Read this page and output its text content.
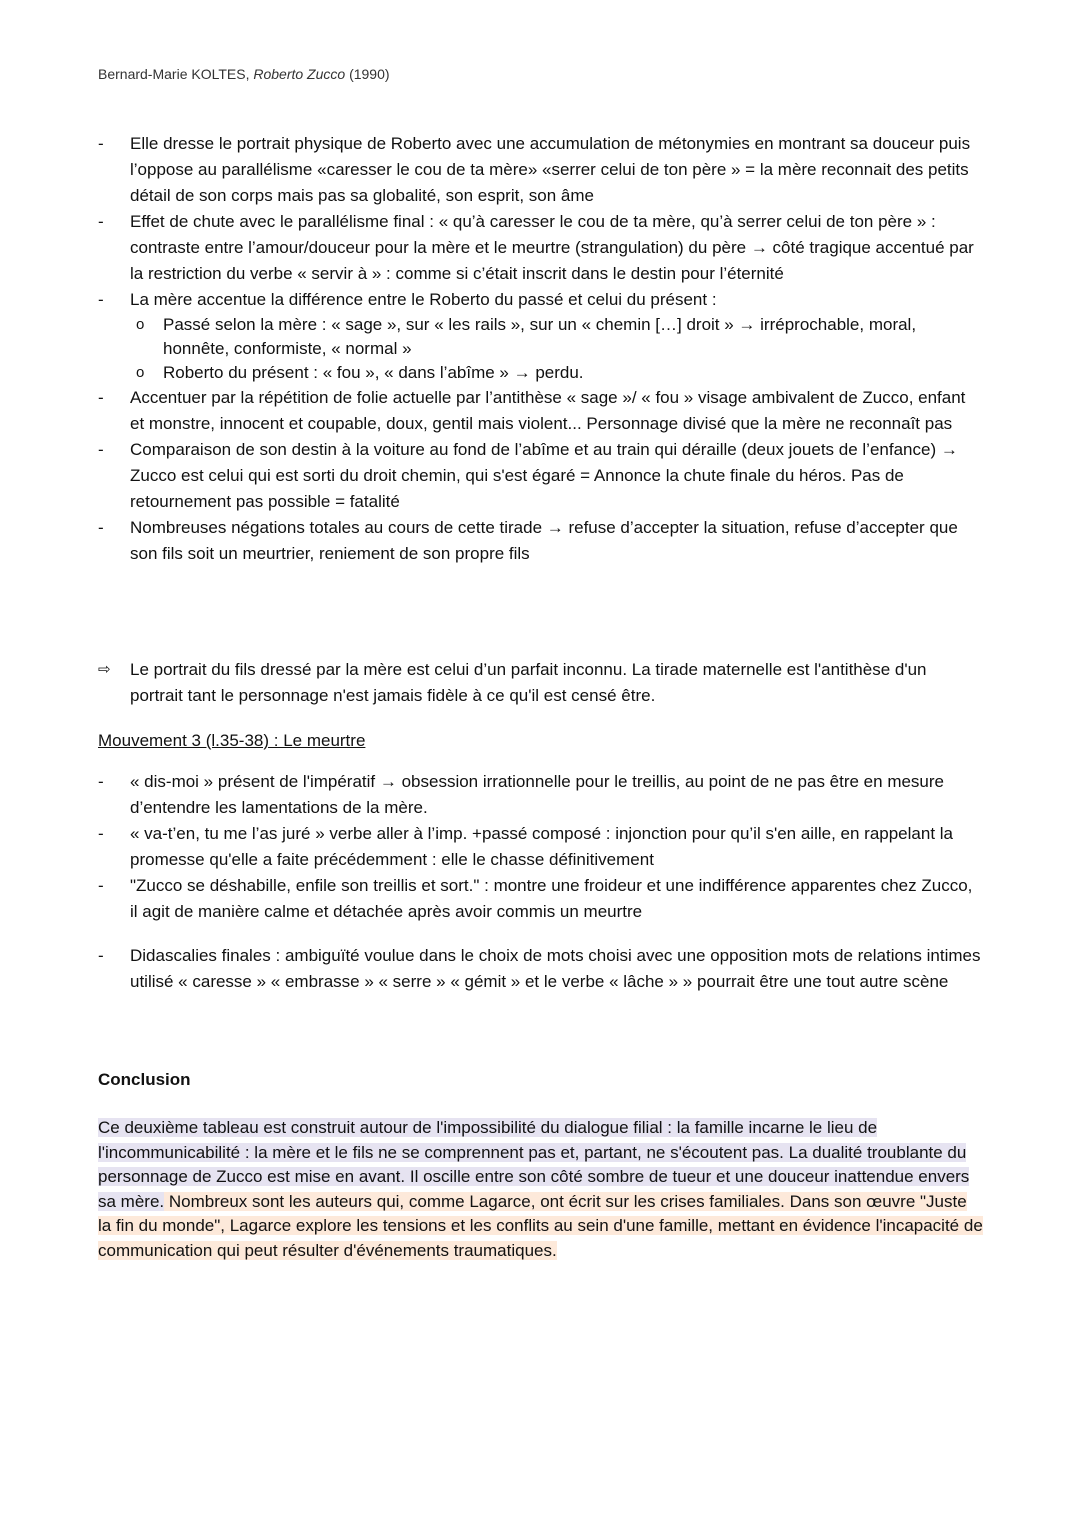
Bernard-Marie KOLTES, Roberto Zucco (1990)
- Elle dresse le portrait physique de Roberto avec une accumulation de métonymies en montrant sa douceur puis l’oppose au parallélisme «caresser le cou de ta mère» «serrer celui de ton père » = la mère reconnait des petits détail de son corps mais pas sa globalité, son esprit, son âme
- Effet de chute avec le parallélisme final : « qu’à caresser le cou de ta mère, qu’à serrer celui de ton père » : contraste entre l’amour/douceur pour la mère et le meurtre (strangulation) du père → côté tragique accentué par la restriction du verbe « servir à » : comme si c’était inscrit dans le destin pour l’éternité
- La mère accentue la différence entre le Roberto du passé et celui du présent :
o Passé selon la mère : « sage », sur « les rails », sur un « chemin […] droit » → irréprochable, moral, honnête, conformiste, « normal »
o Roberto du présent : « fou », « dans l’abîme » → perdu.
- Accentuer par la répétition de folie actuelle par l’antithèse « sage »/ « fou » visage ambivalent de Zucco, enfant et monstre, innocent et coupable, doux, gentil mais violent... Personnage divisé que la mère ne reconnaît pas
- Comparaison de son destin à la voiture au fond de l’abîme et au train qui déraille (deux jouets de l’enfance) → Zucco est celui qui est sorti du droit chemin, qui s'est égaré = Annonce la chute finale du héros. Pas de retournement pas possible = fatalité
- Nombreuses négations totales au cours de cette tirade → refuse d’accepter la situation, refuse d’accepter que son fils soit un meurtrier, reniement de son propre fils
⇨ Le portrait du fils dressé par la mère est celui d’un parfait inconnu. La tirade maternelle est l'antithèse d'un portrait tant le personnage n'est jamais fidèle à ce qu'il est censé être.
Mouvement 3 (l.35-38) : Le meurtre
- « dis-moi » présent de l'impératif → obsession irrationnelle pour le treillis, au point de ne pas être en mesure d’entendre les lamentations de la mère.
- « va-t’en, tu me l’as juré » verbe aller à l’imp. +passé composé : injonction pour qu’il s'en aille, en rappelant la promesse qu'elle a faite précédemment : elle le chasse définitivement
- "Zucco se déshabille, enfile son treillis et sort." : montre une froideur et une indifférence apparentes chez Zucco, il agit de manière calme et détachée après avoir commis un meurtre
- Didascalies finales : ambiguïté voulue dans le choix de mots choisi avec une opposition mots de relations intimes utilisé « caresse » « embrasse » « serre » « gémit » et le verbe « lâche » » pourrait être une tout autre scène
Conclusion
Ce deuxième tableau est construit autour de l'impossibilité du dialogue filial : la famille incarne le lieu de l'incommunicabilité : la mère et le fils ne se comprennent pas et, partant, ne s'écoutent pas. La dualité troublante du personnage de Zucco est mise en avant. Il oscille entre son côté sombre de tueur et une douceur inattendue envers sa mère. Nombreux sont les auteurs qui, comme Lagarce, ont écrit sur les crises familiales. Dans son œuvre "Juste la fin du monde", Lagarce explore les tensions et les conflits au sein d'une famille, mettant en évidence l'incapacité de communication qui peut résulter d'événements traumatiques.
